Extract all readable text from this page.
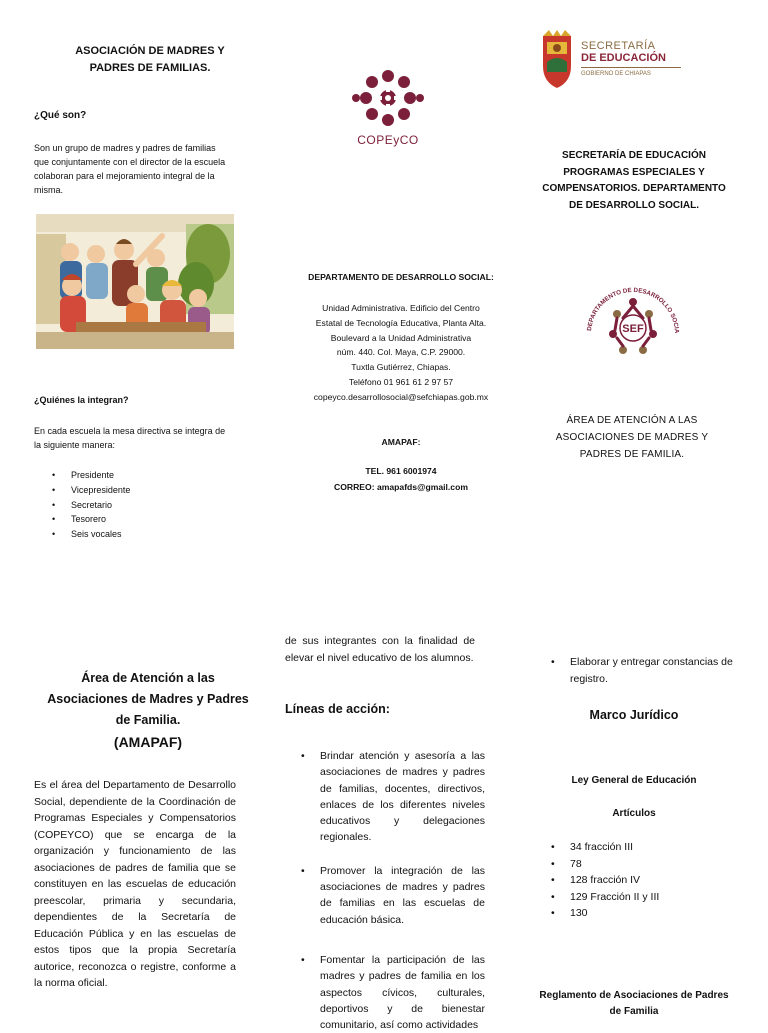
ASOCIACIÓN DE MADRES Y PADRES DE FAMILIAS.
¿Qué son?
Son un grupo de madres y padres de familias que conjuntamente con el director de la escuela colaboran para el mejoramiento integral de la misma.
¿Quiénes la integran?
En cada escuela la mesa directiva se integra de la siguiente manera:
• Presidente
• Vicepresidente
• Secretario
• Tesorero
• Seis vocales
COPEyCO
DEPARTAMENTO DE DESARROLLO SOCIAL:
Unidad Administrativa. Edificio del Centro
Estatal de Tecnología Educativa, Planta Alta.
Boulevard a la Unidad Administrativa
núm. 440. Col. Maya, C.P. 29000.
Tuxtla Gutiérrez, Chiapas.
Teléfono 01 961 61 2 97 57
copeyco.desarrollosocial@sefchiapas.gob.mx
AMAPAF:
TEL. 961 6001974
CORREO: amapafds@gmail.com
SECRETARÍA
DE EDUCACIÓN
GOBIERNO DE CHIAPAS
SECRETARÍA DE EDUCACIÓN PROGRAMAS ESPECIALES Y COMPENSATORIOS. DEPARTAMENTO DE DESARROLLO SOCIAL.
DEPARTAMENTO DE DESARROLLO SOCIA
SEF
ÁREA DE ATENCIÓN A LAS ASOCIACIONES DE MADRES Y PADRES DE FAMILIA.
Área de Atención a las Asociaciones de Madres y Padres de Familia.
(AMAPAF)
Es el área del Departamento de Desarrollo Social, dependiente de la Coordinación de Programas Especiales y Compensatorios (COPEYCO) que se encarga de la organización y funcionamiento de las asociaciones de padres de familia que se constituyen en las escuelas de educación preescolar, primaria y secundaria, dependientes de la Secretaría de Educación Pública y en las escuelas de estos tipos que la propia Secretaría autorice, reconozca o registre, conforme a la norma oficial.
de sus integrantes con la finalidad de elevar el nivel educativo de los alumnos.
Líneas de acción:
• Brindar atención y asesoría a las asociaciones de madres y padres de familias, docentes, directivos, enlaces de los diferentes niveles educativos y delegaciones regionales.
• Promover la integración de las asociaciones de madres y padres de familias en las escuelas de educación básica.
• Fomentar la participación de las madres y padres de familia en los aspectos cívicos, culturales, deportivos y de bienestar comunitario, así como actividades
• Elaborar y entregar constancias de registro.
Marco Jurídico
Ley General de Educación
Artículos
• 34 fracción III
• 78
• 128 fracción IV
• 129 Fracción II y III
• 130
Reglamento de Asociaciones de Padres de Familia
